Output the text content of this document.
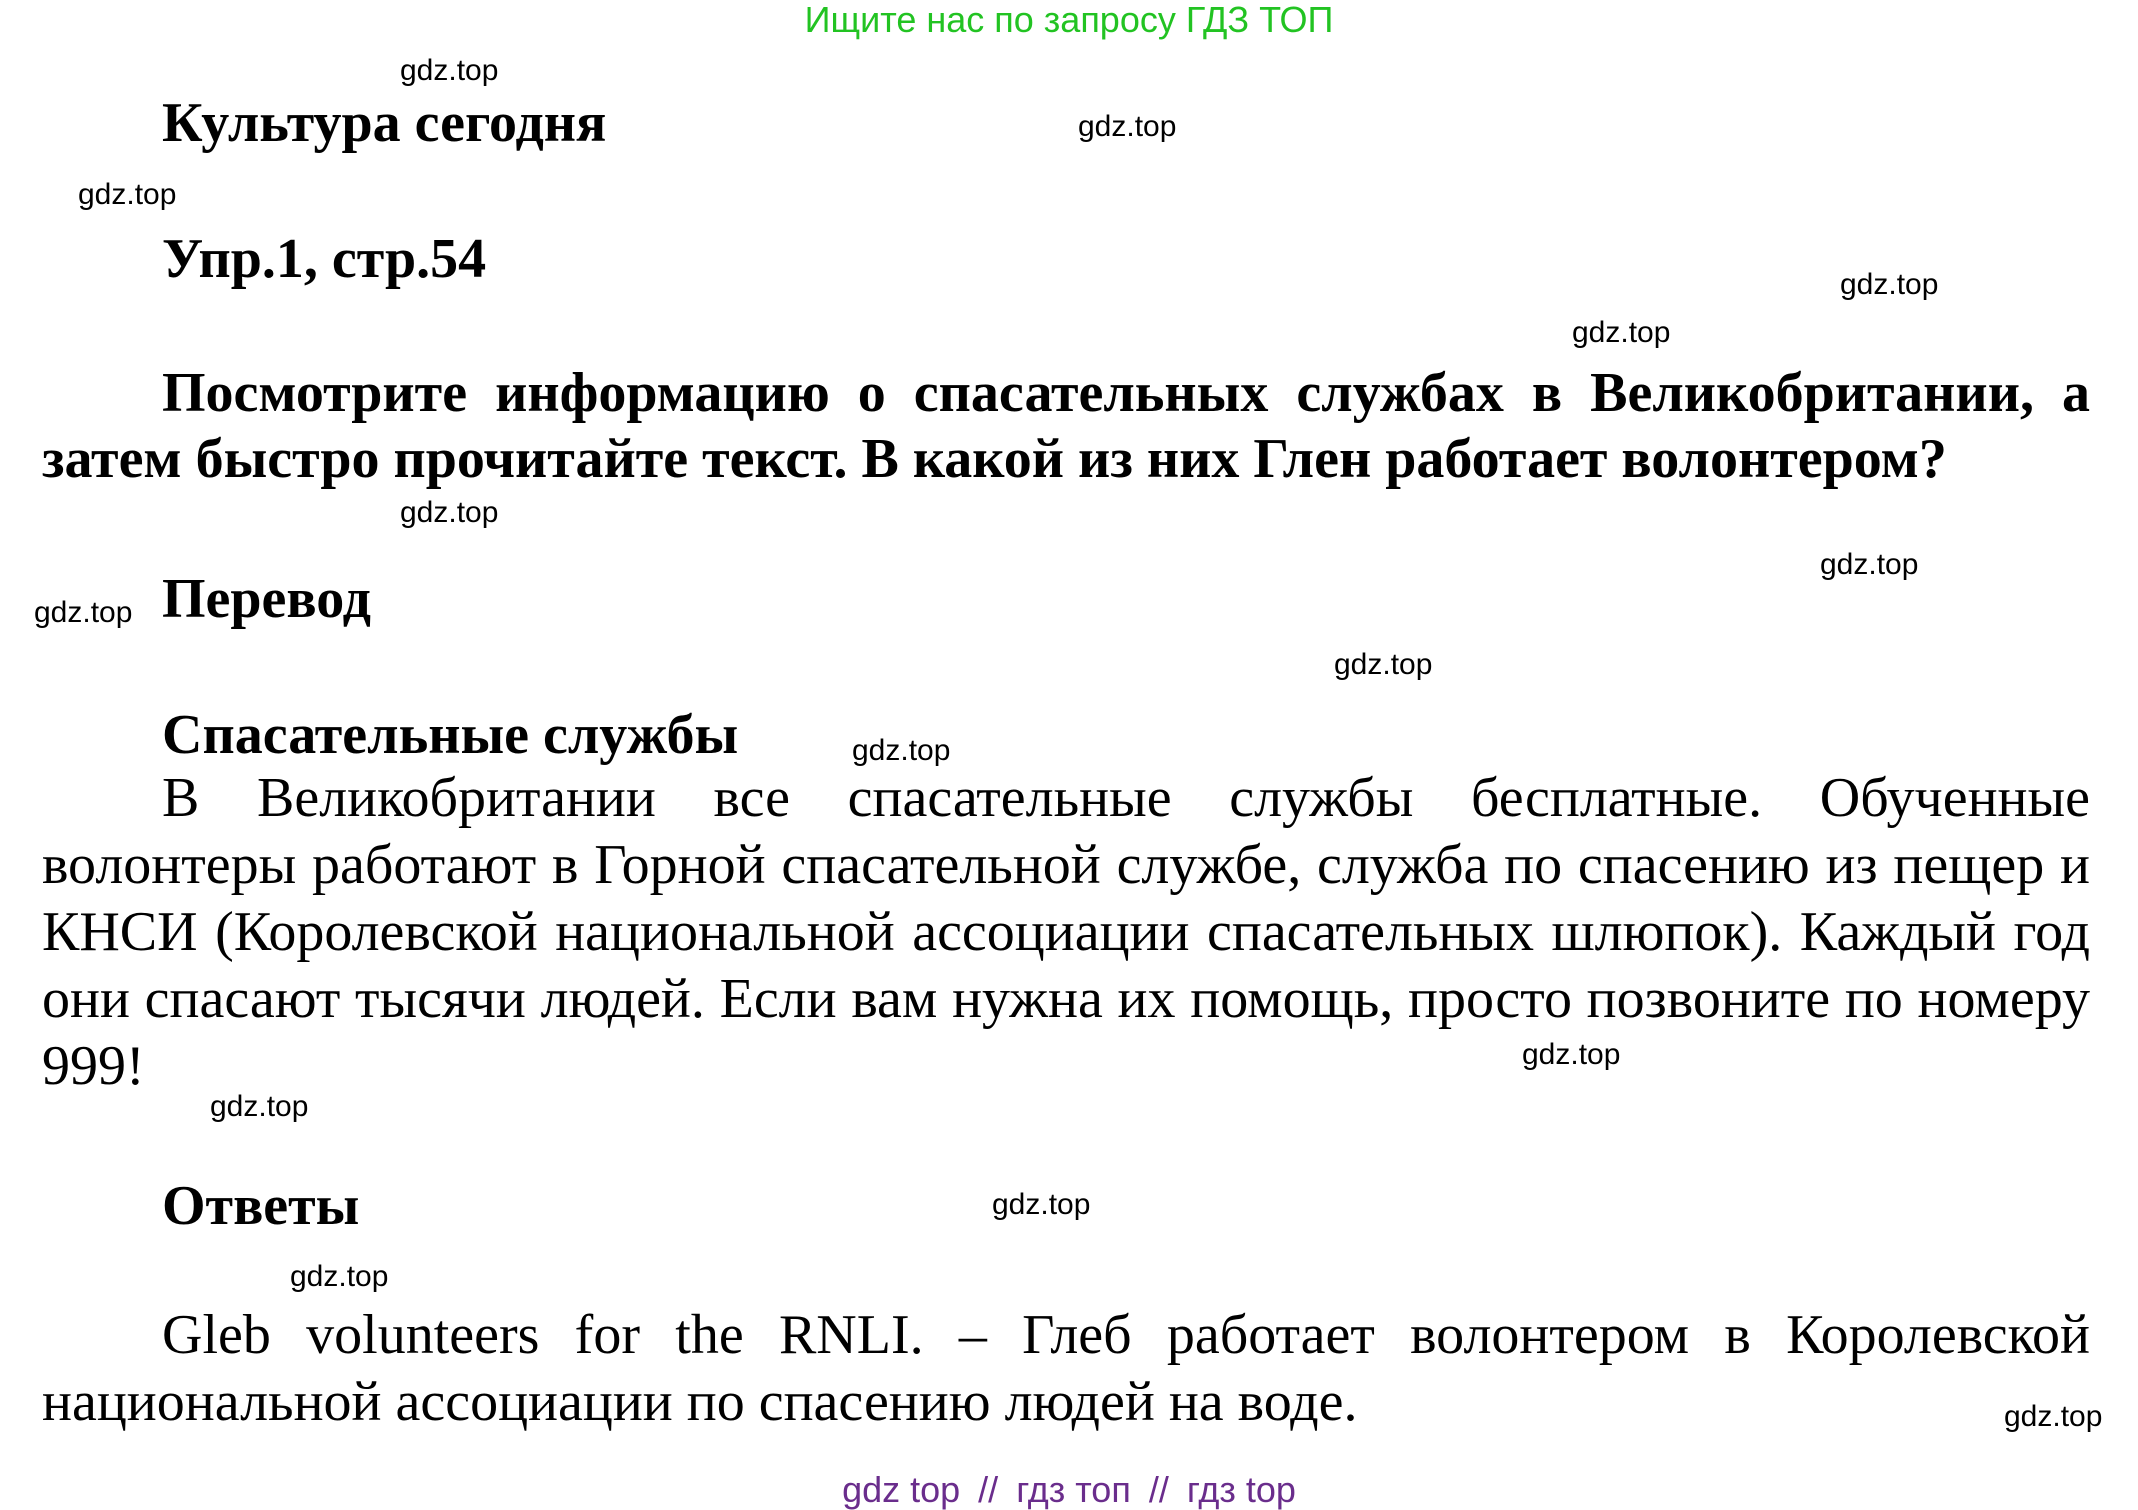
Ищите нас по запросу ГДЗ ТОП
Культура сегодня
Упр.1, стр.54
Посмотрите информацию о спасательных службах в Великобритании, а затем быстро прочитайте текст. В какой из них Глен работает волонтером?
Перевод
Спасательные службы
В Великобритании все спасательные службы бесплатные. Обученные волонтеры работают в Горной спасательной службе, служба по спасению из пещер и КНСИ (Королевской национальной ассоциации спасательных шлюпок). Каждый год они спасают тысячи людей. Если вам нужна их помощь, просто позвоните по номеру 999!
Ответы
Gleb volunteers for the RNLI. – Глеб работает волонтером в Королевской национальной ассоциации по спасению людей на воде.
gdz.top
gdz.top
gdz.top
gdz.top
gdz.top
gdz.top
gdz.top
gdz.top
gdz.top
gdz.top
gdz.top
gdz.top
gdz.top
gdz.top
gdz.top
gdz top // гдз топ // гдз top
